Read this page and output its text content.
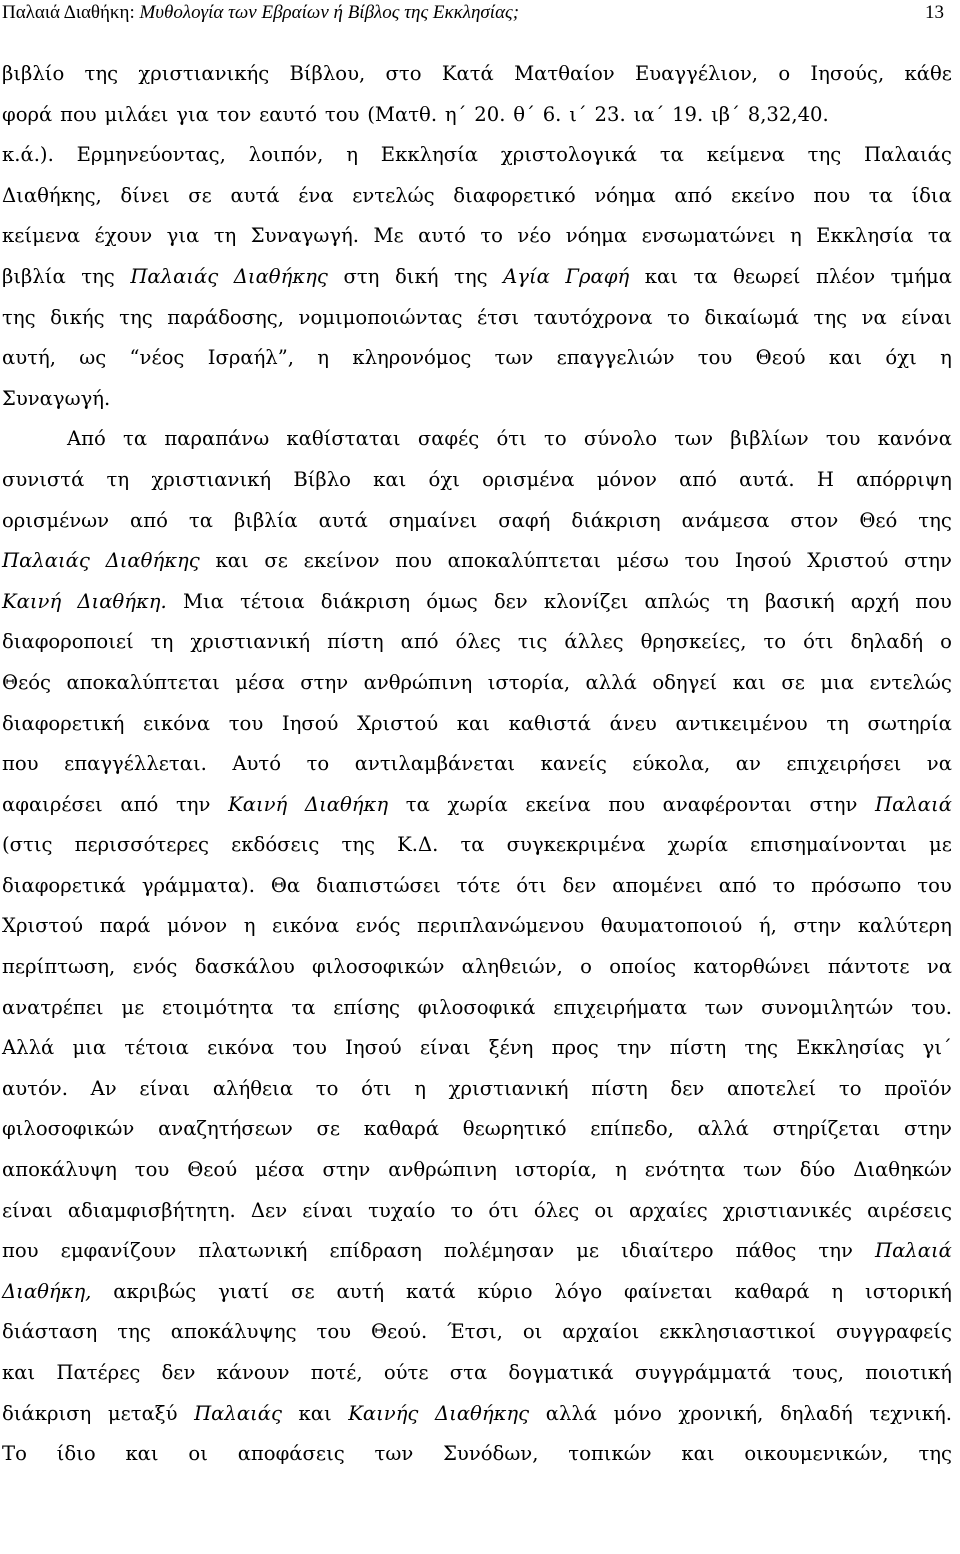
Παλαιά Διαθήκη: Μυθολογία των Εβραίων ή Βίβλος της Εκκλησίας;	13
βιβλίο της χριστιανικής Βίβλου, στο Κατά Ματθαίον Ευαγγέλιον, ο Ιησούς, κάθε
φορά που μιλάει για τον εαυτό του (Ματθ. η΄ 20. θ΄ 6. ι΄ 23. ια΄ 19. ιβ΄ 8,32,40.
κ.ά.). Ερμηνεύοντας, λοιπόν, η Εκκλησία χριστολογικά τα κείμενα της Παλαιάς
Διαθήκης, δίνει σε αυτά ένα εντελώς διαφορετικό νόημα από εκείνο που τα ίδια
κείμενα έχουν για τη Συναγωγή. Με αυτό το νέο νόημα ενσωματώνει η Εκκλησία τα
βιβλία της Παλαιάς Διαθήκης στη δική της Αγία Γραφή και τα θεωρεί πλέον τμήμα
της δικής της παράδοσης, νομιμοποιώντας έτσι ταυτόχρονα το δικαίωμά της να είναι
αυτή, ως “νέος Ισραήλ”, η κληρονόμος των επαγγελιών του Θεού και όχι η
Συναγωγή.
Από τα παραπάνω καθίσταται σαφές ότι το σύνολο των βιβλίων του κανόνα
συνιστά τη χριστιανική Βίβλο και όχι ορισμένα μόνον από αυτά. Η απόρριψη
ορισμένων από τα βιβλία αυτά σημαίνει σαφή διάκριση ανάμεσα στον Θεό της
Παλαιάς Διαθήκης και σε εκείνον που αποκαλύπτεται μέσω του Ιησού Χριστού στην
Καινή Διαθήκη. Μια τέτοια διάκριση όμως δεν κλονίζει απλώς τη βασική αρχή που
διαφοροποιεί τη χριστιανική πίστη από όλες τις άλλες θρησκείες, το ότι δηλαδή ο
Θεός αποκαλύπτεται μέσα στην ανθρώπινη ιστορία, αλλά οδηγεί και σε μια εντελώς
διαφορετική εικόνα του Ιησού Χριστού και καθιστά άνευ αντικειμένου τη σωτηρία
που επαγγέλλεται. Αυτό το αντιλαμβάνεται κανείς εύκολα, αν επιχειρήσει να
αφαιρέσει από την Καινή Διαθήκη τα χωρία εκείνα που αναφέρονται στην Παλαιά
(στις περισσότερες εκδόσεις της Κ.Δ. τα συγκεκριμένα χωρία επισημαίνονται με
διαφορετικά γράμματα). Θα διαπιστώσει τότε ότι δεν απομένει από το πρόσωπο του
Χριστού παρά μόνον η εικόνα ενός περιπλανώμενου θαυματοποιού ή, στην καλύτερη
περίπτωση, ενός δασκάλου φιλοσοφικών αληθειών, ο οποίος κατορθώνει πάντοτε να
ανατρέπει με ετοιμότητα τα επίσης φιλοσοφικά επιχειρήματα των συνομιλητών του.
Αλλά μια τέτοια εικόνα του Ιησού είναι ξένη προς την πίστη της Εκκλησίας γι΄
αυτόν. Αν είναι αλήθεια το ότι η χριστιανική πίστη δεν αποτελεί το προϊόν
φιλοσοφικών αναζητήσεων σε καθαρά θεωρητικό επίπεδο, αλλά στηρίζεται στην
αποκάλυψη του Θεού μέσα στην ανθρώπινη ιστορία, η ενότητα των δύο Διαθηκών
είναι αδιαμφισβήτητη. Δεν είναι τυχαίο το ότι όλες οι αρχαίες χριστιανικές αιρέσεις
που εμφανίζουν πλατωνική επίδραση πολέμησαν με ιδιαίτερο πάθος την Παλαιά
Διαθήκη, ακριβώς γιατί σε αυτή κατά κύριο λόγο φαίνεται καθαρά η ιστορική
διάσταση της αποκάλυψης του Θεού. Έτσι, οι αρχαίοι εκκλησιαστικοί συγγραφείς
και Πατέρες δεν κάνουν ποτέ, ούτε στα δογματικά συγγράμματά τους, ποιοτική
διάκριση μεταξύ Παλαιάς και Καινής Διαθήκης αλλά μόνο χρονική, δηλαδή τεχνική.
Το ίδιο και οι αποφάσεις των Συνόδων, τοπικών και οικουμενικών, της
